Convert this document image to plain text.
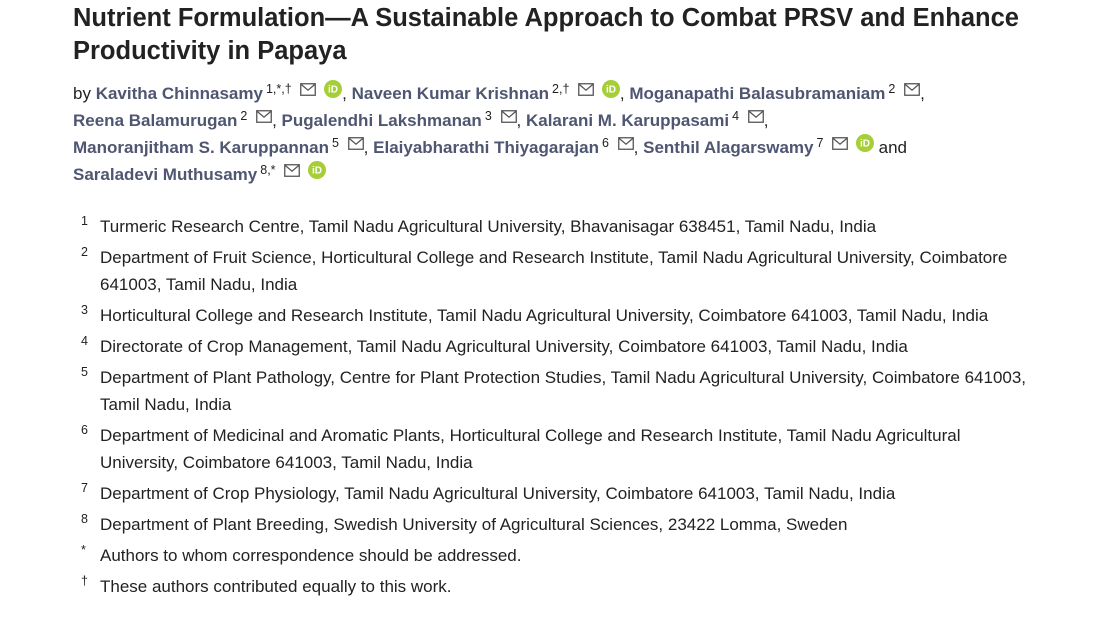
Nutrient Formulation—A Sustainable Approach to Combat PRSV and Enhance Productivity in Papaya
by Kavitha Chinnasamy $^{1,*,\dagger}$	, Naveen Kumar Krishnan $^{2,\dagger}$	, Moganapathi Balasubramaniam $^2$ ,
Reena Balamurugan $^2$ , Pugalendhi Lakshmanan $^3$ , Kalarani M. Karuppasami $^4$ ,
Manoranjitham S. Karuppannan $^5$ , Elaiyabharathi Thiyagarajan $^6$ , Senthil Alagarswamy $^7$	and
Saraladevi Muthusamy $^{8,*}$
1 Turmeric Research Centre, Tamil Nadu Agricultural University, Bhavanisagar 638451, Tamil Nadu, India
2 Department of Fruit Science, Horticultural College and Research Institute, Tamil Nadu Agricultural University, Coimbatore 641003, Tamil Nadu, India
3 Horticultural College and Research Institute, Tamil Nadu Agricultural University, Coimbatore 641003, Tamil Nadu, India
4 Directorate of Crop Management, Tamil Nadu Agricultural University, Coimbatore 641003, Tamil Nadu, India
5 Department of Plant Pathology, Centre for Plant Protection Studies, Tamil Nadu Agricultural University, Coimbatore 641003, Tamil Nadu, India
6 Department of Medicinal and Aromatic Plants, Horticultural College and Research Institute, Tamil Nadu Agricultural University, Coimbatore 641003, Tamil Nadu, India
7 Department of Crop Physiology, Tamil Nadu Agricultural University, Coimbatore 641003, Tamil Nadu, India
8 Department of Plant Breeding, Swedish University of Agricultural Sciences, 23422 Lomma, Sweden
* Authors to whom correspondence should be addressed.
† These authors contributed equally to this work.
